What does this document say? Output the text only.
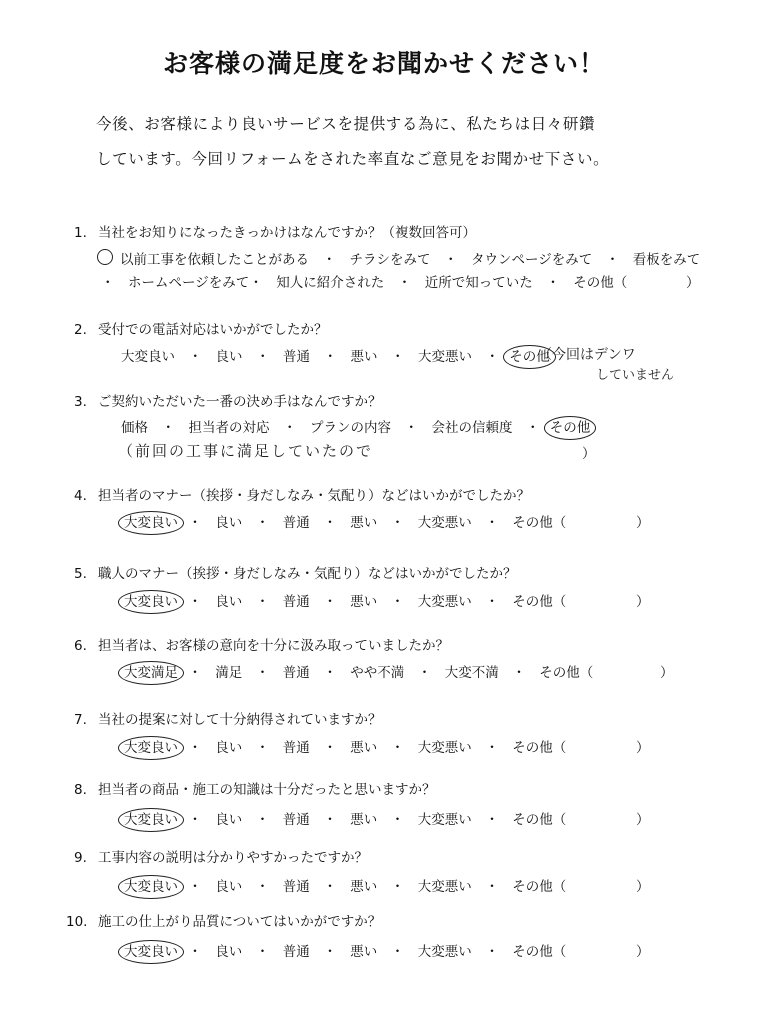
お客様の満足度をお聞かせください！
今後、お客様により良いサービスを提供する為に、私たちは日々研鑽
しています。今回リフォームをされた率直なご意見をお聞かせ下さい。
1. 当社をお知りになったきっかけはなんですか？（複数回答可）
以前工事を依頼したことがある　・　チラシをみて　・　タウンページをみて　・　看板をみて
・　ホームページをみて・　知人に紹介された　・　近所で知っていた　・　その他（	）
2. 受付での電話対応はいかがでしたか？
大変良い　・　良い　・　普通　・　悪い　・　大変悪い　・ その他
（今回はデンワ
していません
3. ご契約いただいた一番の決め手はなんですか？
価格　・　担当者の対応　・　プランの内容　・　会社の信頼度　・ その他
（前回の工事に満足していたので	）
4. 担当者のマナー（挨拶・身だしなみ・気配り）などはいかがでしたか？
大変良い ・　良い　・　普通　・　悪い　・　大変悪い　・　その他（	）
5. 職人のマナー（挨拶・身だしなみ・気配り）などはいかがでしたか？
大変良い ・　良い　・　普通　・　悪い　・　大変悪い　・　その他（	）
6. 担当者は、お客様の意向を十分に汲み取っていましたか？
大変満足 ・　満足　・　普通　・　やや不満　・　大変不満　・　その他（	）
7. 当社の提案に対して十分納得されていますか？
大変良い ・　良い　・　普通　・　悪い　・　大変悪い　・　その他（	）
8. 担当者の商品・施工の知識は十分だったと思いますか？
大変良い ・　良い　・　普通　・　悪い　・　大変悪い　・　その他（	）
9. 工事内容の説明は分かりやすかったですか？
大変良い ・　良い　・　普通　・　悪い　・　大変悪い　・　その他（	）
10. 施工の仕上がり品質についてはいかがですか？
大変良い ・　良い　・　普通　・　悪い　・　大変悪い　・　その他（	）
